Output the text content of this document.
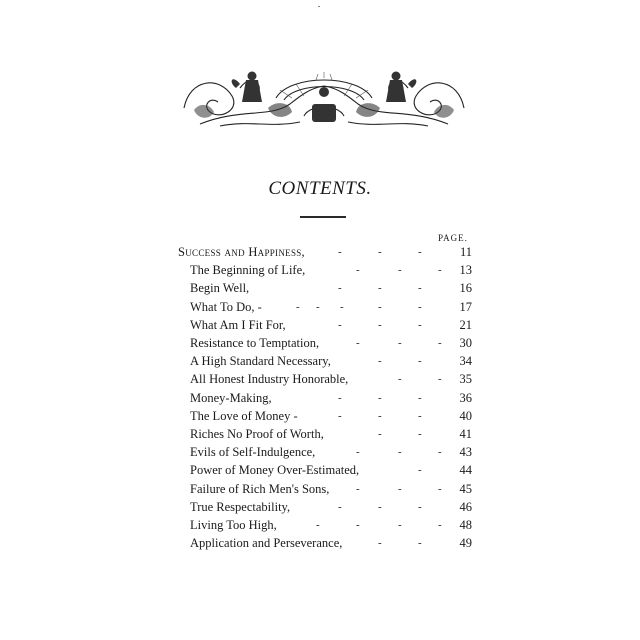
CONTENTS.
PAGE.
Success and Happiness,	-	-	-	11
The Beginning of Life,	-	-	- 13
Begin Well,	-	-	-	16
What To Do, -	- - -	-	-	17
What Am I Fit For,	-	-	-	21
Resistance to Temptation,	-	-	- 30
A High Standard Necessary,	-	-	34
All Honest Industry Honorable,	-	- 35
Money-Making,	-	-	-	36
The Love of Money -	-	-	-	40
Riches No Proof of Worth,	-	-	41
Evils of Self-Indulgence,	-	-	- 43
Power of Money Over-Estimated,	-	44
Failure of Rich Men's Sons, -	-	- 45
True Respectability,	-	-	-	46
Living Too High,	-	-	-	- 48
Application and Perseverance,	-	-	49
